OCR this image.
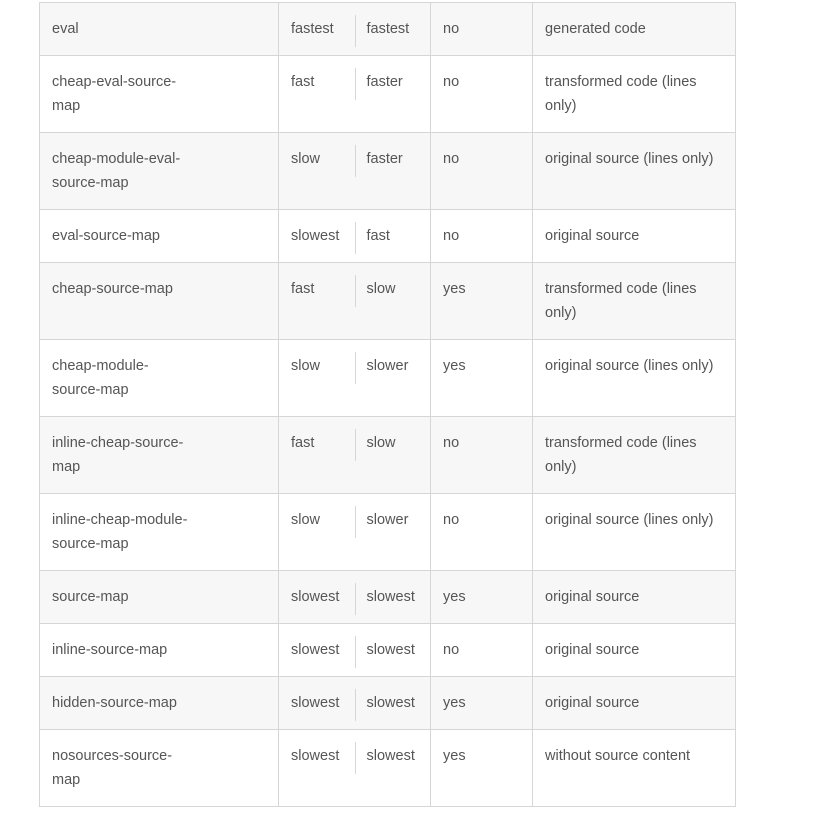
eval	fastest	fastest	no	generated code

cheap-eval-source-map	fast	faster	no	transformed code (lines only)

cheap-module-eval-source-map	slow	faster	no	original source (lines only)

eval-source-map	slowest	fast	no	original source

cheap-source-map	fast	slow	yes	transformed code (lines only)

cheap-module-source-map	slow	slower	yes	original source (lines only)

inline-cheap-source-map	fast	slow	no	transformed code (lines only)

inline-cheap-module-source-map	slow	slower	no	original source (lines only)

source-map	slowest	slowest	yes	original source

inline-source-map	slowest	slowest	no	original source

hidden-source-map	slowest	slowest	yes	original source

nosources-source-map	slowest	slowest	yes	without source content
